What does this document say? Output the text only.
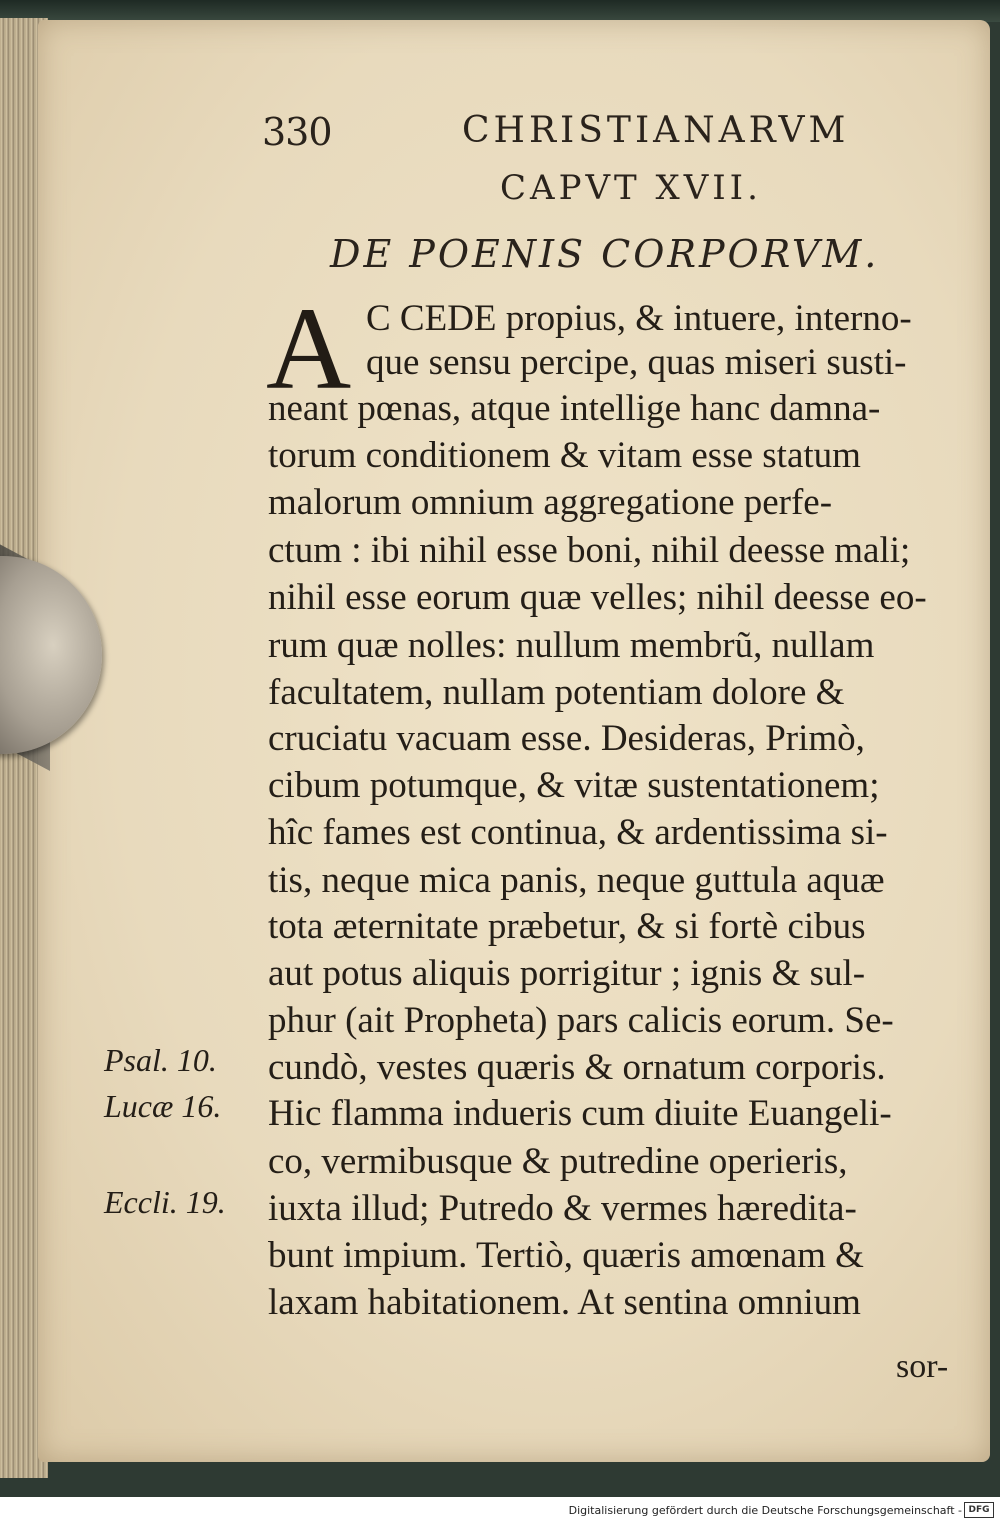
330	CHRISTIANARVM
CAPVT XVII.
DE POENIS CORPORVM.
A C CEDE propius, & intuere, interno-
que sensu percipe, quas miseri susti-
neant pœnas, atque intellige hanc damna-
torum conditionem & vitam esse statum
malorum omnium aggregatione perfe-
ctum : ibi nihil esse boni, nihil deesse mali;
nihil esse eorum quæ velles; nihil deesse eo-
rum quæ nolles: nullum membrũ, nullam
facultatem, nullam potentiam dolore &
cruciatu vacuam esse. Desideras, Primò,
cibum potumque, & vitæ sustentationem;
hîc fames est continua, & ardentissima si-
tis, neque mica panis, neque guttula aquæ
tota æternitate præbetur, & si fortè cibus
aut potus aliquis porrigitur ; ignis & sul-
phur (ait Propheta) pars calicis eorum. Se-
cundò, vestes quæris & ornatum corporis.
Hic flamma indueris cum diuite Euangeli-
co, vermibusque & putredine operieris,
iuxta illud; Putredo & vermes hæredita-
bunt impium. Tertiò, quæris amœnam &
laxam habitationem. At sentina omnium
Psal. 10.
Lucæ 16.
Eccli. 19.
sor-
Digitalisierung gefördert durch die Deutsche Forschungsgemeinschaft - DFG
